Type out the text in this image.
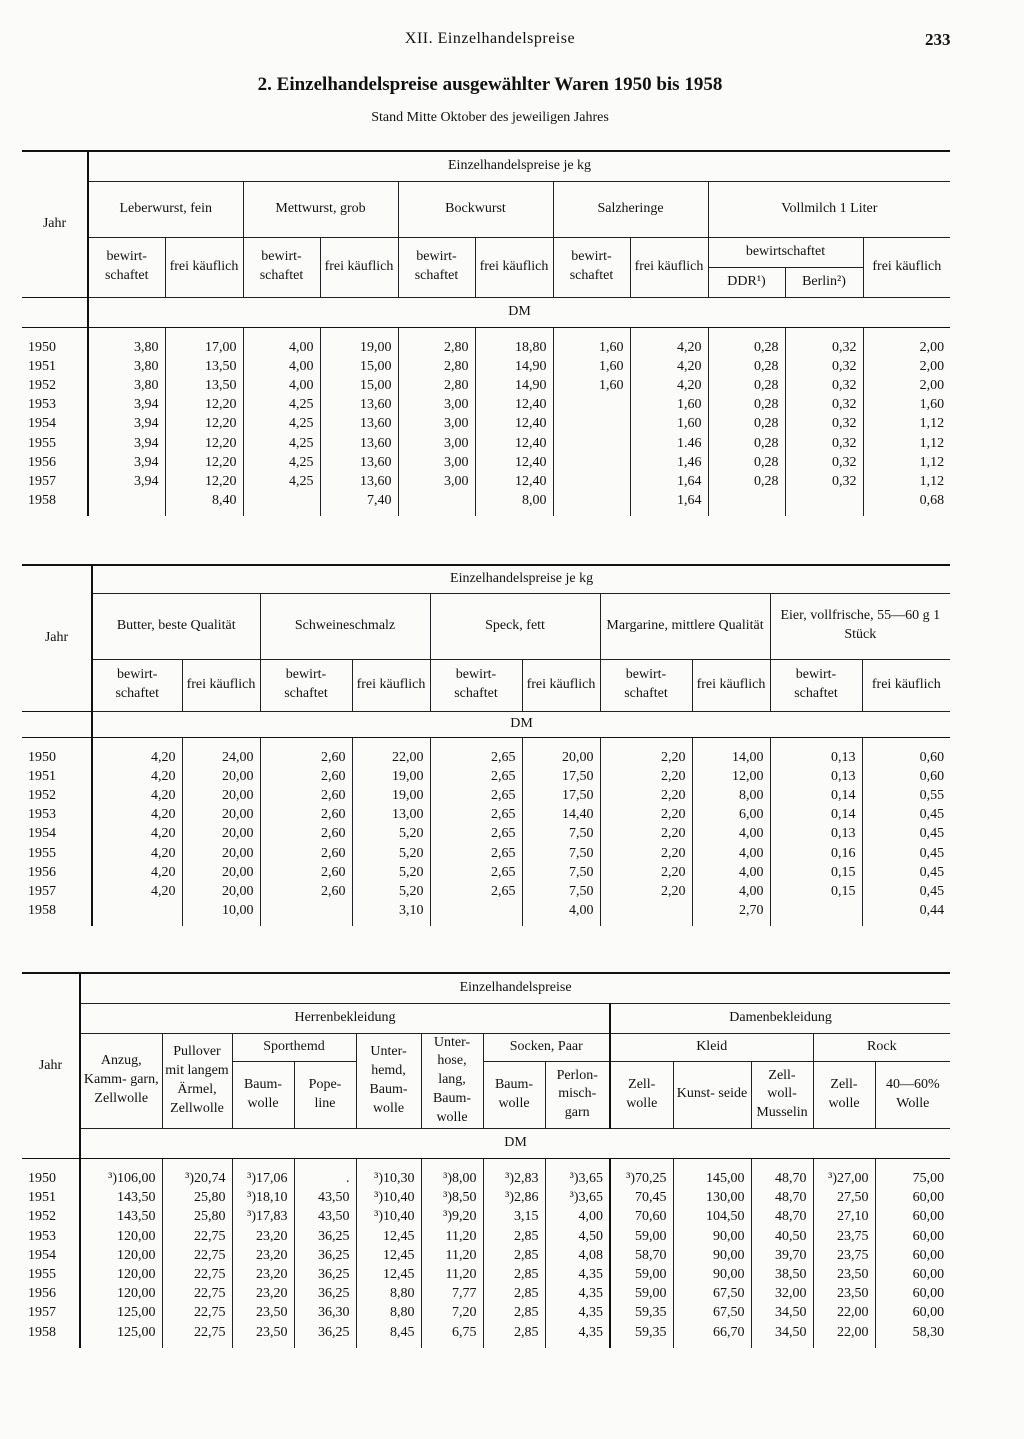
XII. Einzelhandelspreise	233
2. Einzelhandelspreise ausgewählter Waren 1950 bis 1958
Stand Mitte Oktober des jeweiligen Jahres
Jahr	Einzelhandelspreise je kg										
	Leberwurst, fein		Mettwurst, grob		Bockwurst		Salzheringe		Vollmilch 1 Liter		
	bewirt- schaftet	frei käuflich	bewirt- schaftet	frei käuflich	bewirt- schaftet	frei käuflich	bewirt- schaftet	frei käuflich	bewirtschaftet		frei käuflich
									DDR¹)	Berlin²)	
	DM										
1950	3,80	17,00	4,00	19,00	2,80	18,80	1,60	4,20	0,28	0,32	2,00
1951	3,80	13,50	4,00	15,00	2,80	14,90	1,60	4,20	0,28	0,32	2,00
1952	3,80	13,50	4,00	15,00	2,80	14,90	1,60	4,20	0,28	0,32	2,00
1953	3,94	12,20	4,25	13,60	3,00	12,40		1,60	0,28	0,32	1,60
1954	3,94	12,20	4,25	13,60	3,00	12,40		1,60	0,28	0,32	1,12
1955	3,94	12,20	4,25	13,60	3,00	12,40		1.46	0,28	0,32	1,12
1956	3,94	12,20	4,25	13,60	3,00	12,40		1,46	0,28	0,32	1,12
1957	3,94	12,20	4,25	13,60	3,00	12,40		1,64	0,28	0,32	1,12
1958		8,40		7,40		8,00		1,64			0,68
Jahr	Einzelhandelspreise je kg									
	Butter, beste Qualität		Schweineschmalz		Speck, fett		Margarine, mittlere Qualität		Eier, vollfrische, 55—60 g 1 Stück	
	bewirt- schaftet	frei käuflich	bewirt- schaftet	frei käuflich	bewirt- schaftet	frei käuflich	bewirt- schaftet	frei käuflich	bewirt- schaftet	frei käuflich
	DM									
1950	4,20	24,00	2,60	22,00	2,65	20,00	2,20	14,00	0,13	0,60
1951	4,20	20,00	2,60	19,00	2,65	17,50	2,20	12,00	0,13	0,60
1952	4,20	20,00	2,60	19,00	2,65	17,50	2,20	8,00	0,14	0,55
1953	4,20	20,00	2,60	13,00	2,65	14,40	2,20	6,00	0,14	0,45
1954	4,20	20,00	2,60	5,20	2,65	7,50	2,20	4,00	0,13	0,45
1955	4,20	20,00	2,60	5,20	2,65	7,50	2,20	4,00	0,16	0,45
1956	4,20	20,00	2,60	5,20	2,65	7,50	2,20	4,00	0,15	0,45
1957	4,20	20,00	2,60	5,20	2,65	7,50	2,20	4,00	0,15	0,45
1958		10,00		3,10		4,00		2,70		0,44
Jahr	Einzelhandelspreise												
	Herrenbekleidung								Damenbekleidung				
	Anzug, Kamm- garn, Zellwolle	Pullover mit langem Ärmel, Zellwolle	Sporthemd		Unter- hemd, Baum- wolle	Unter- hose, lang, Baum- wolle	Socken, Paar		Kleid			Rock	
			Baum- wolle	Pope- line			Baum- wolle	Perlon- misch- garn	Zell- wolle	Kunst- seide	Zell- woll- Musselin	Zell- wolle	40—60% Wolle
	DM												
1950	³)106,00	³)20,74	³)17,06	.	³)10,30	³)8,00	³)2,83	³)3,65	³)70,25	145,00	48,70	³)27,00	75,00
1951	143,50	25,80	³)18,10	43,50	³)10,40	³)8,50	³)2,86	³)3,65	70,45	130,00	48,70	27,50	60,00
1952	143,50	25,80	³)17,83	43,50	³)10,40	³)9,20	3,15	4,00	70,60	104,50	48,70	27,10	60,00
1953	120,00	22,75	23,20	36,25	12,45	11,20	2,85	4,50	59,00	90,00	40,50	23,75	60,00
1954	120,00	22,75	23,20	36,25	12,45	11,20	2,85	4,08	58,70	90,00	39,70	23,75	60,00
1955	120,00	22,75	23,20	36,25	12,45	11,20	2,85	4,35	59,00	90,00	38,50	23,50	60,00
1956	120,00	22,75	23,20	36,25	8,80	7,77	2,85	4,35	59,00	67,50	32,00	23,50	60,00
1957	125,00	22,75	23,50	36,30	8,80	7,20	2,85	4,35	59,35	67,50	34,50	22,00	60,00
1958	125,00	22,75	23,50	36,25	8,45	6,75	2,85	4,35	59,35	66,70	34,50	22,00	58,30
